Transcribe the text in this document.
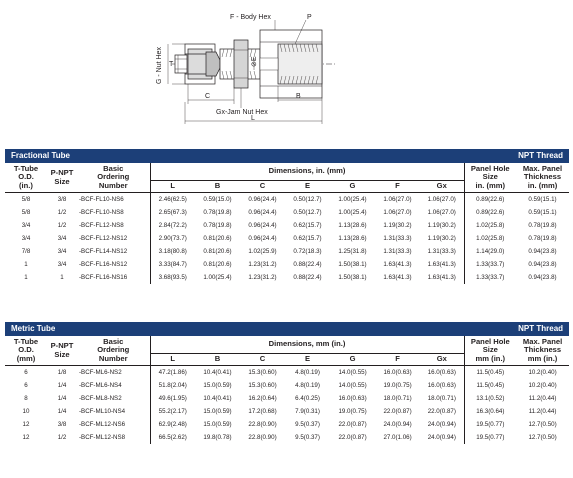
F - Body Hex	P
G - Nut Hex T	⊘E
C	B
Gx-Jam Nut Hex
L
Fractional Tube						NPT Thread					
T-Tube
O.D.
(in.)	P-NPT
Size	Basic
Ordering
Number	Dimensions, in. (mm)							Panel Hole
Size
in. (mm)	Max. Panel
Thickness
in. (mm)
			L	B	C	E	G	F	Gx		
5/8	3/8	-BCF-FL10-NS6	2.46(62.5)	0.59(15.0)	0.96(24.4)	0.50(12.7)	1.00(25.4)	1.06(27.0)	1.06(27.0)	0.89(22.6)	0.59(15.1)
5/8	1/2	-BCF-FL10-NS8	2.65(67.3)	0.78(19.8)	0.96(24.4)	0.50(12.7)	1.00(25.4)	1.06(27.0)	1.06(27.0)	0.89(22.6)	0.59(15.1)
3/4	1/2	-BCF-FL12-NS8	2.84(72.2)	0.78(19.8)	0.96(24.4)	0.62(15.7)	1.13(28.6)	1.19(30.2)	1.19(30.2)	1.02(25.8)	0.78(19.8)
3/4	3/4	-BCF-FL12-NS12	2.90(73.7)	0.81(20.6)	0.96(24.4)	0.62(15.7)	1.13(28.6)	1.31(33.3)	1.19(30.2)	1.02(25.8)	0.78(19.8)
7/8	3/4	-BCF-FL14-NS12	3.18(80.8)	0.81(20.6)	1.02(25.9)	0.72(18.3)	1.25(31.8)	1.31(33.3)	1.31(33.3)	1.14(29.0)	0.94(23.8)
1	3/4	-BCF-FL16-NS12	3.33(84.7)	0.81(20.6)	1.23(31.2)	0.88(22.4)	1.50(38.1)	1.63(41.3)	1.63(41.3)	1.33(33.7)	0.94(23.8)
1	1	-BCF-FL16-NS16	3.68(93.5)	1.00(25.4)	1.23(31.2)	0.88(22.4)	1.50(38.1)	1.63(41.3)	1.63(41.3)	1.33(33.7)	0.94(23.8)
Metric Tube						NPT Thread					
T-Tube
O.D.
(mm)	P-NPT
Size	Basic
Ordering
Number	Dimensions, mm (in.)							Panel Hole
Size
mm (in.)	Max. Panel
Thickness
mm (in.)
			L	B	C	E	G	F	Gx		
6	1/8	-BCF-ML6-NS2	47.2(1.86)	10.4(0.41)	15.3(0.60)	4.8(0.19)	14.0(0.55)	16.0(0.63)	16.0(0.63)	11.5(0.45)	10.2(0.40)
6	1/4	-BCF-ML6-NS4	51.8(2.04)	15.0(0.59)	15.3(0.60)	4.8(0.19)	14.0(0.55)	19.0(0.75)	16.0(0.63)	11.5(0.45)	10.2(0.40)
8	1/4	-BCF-ML8-NS2	49.6(1.95)	10.4(0.41)	16.2(0.64)	6.4(0.25)	16.0(0.63)	18.0(0.71)	18.0(0.71)	13.1(0.52)	11.2(0.44)
10	1/4	-BCF-ML10-NS4	55.2(2.17)	15.0(0.59)	17.2(0.68)	7.9(0.31)	19.0(0.75)	22.0(0.87)	22.0(0.87)	16.3(0.64)	11.2(0.44)
12	3/8	-BCF-ML12-NS6	62.9(2.48)	15.0(0.59)	22.8(0.90)	9.5(0.37)	22.0(0.87)	24.0(0.94)	24.0(0.94)	19.5(0.77)	12.7(0.50)
12	1/2	-BCF-ML12-NS8	66.5(2.62)	19.8(0.78)	22.8(0.90)	9.5(0.37)	22.0(0.87)	27.0(1.06)	24.0(0.94)	19.5(0.77)	12.7(0.50)
